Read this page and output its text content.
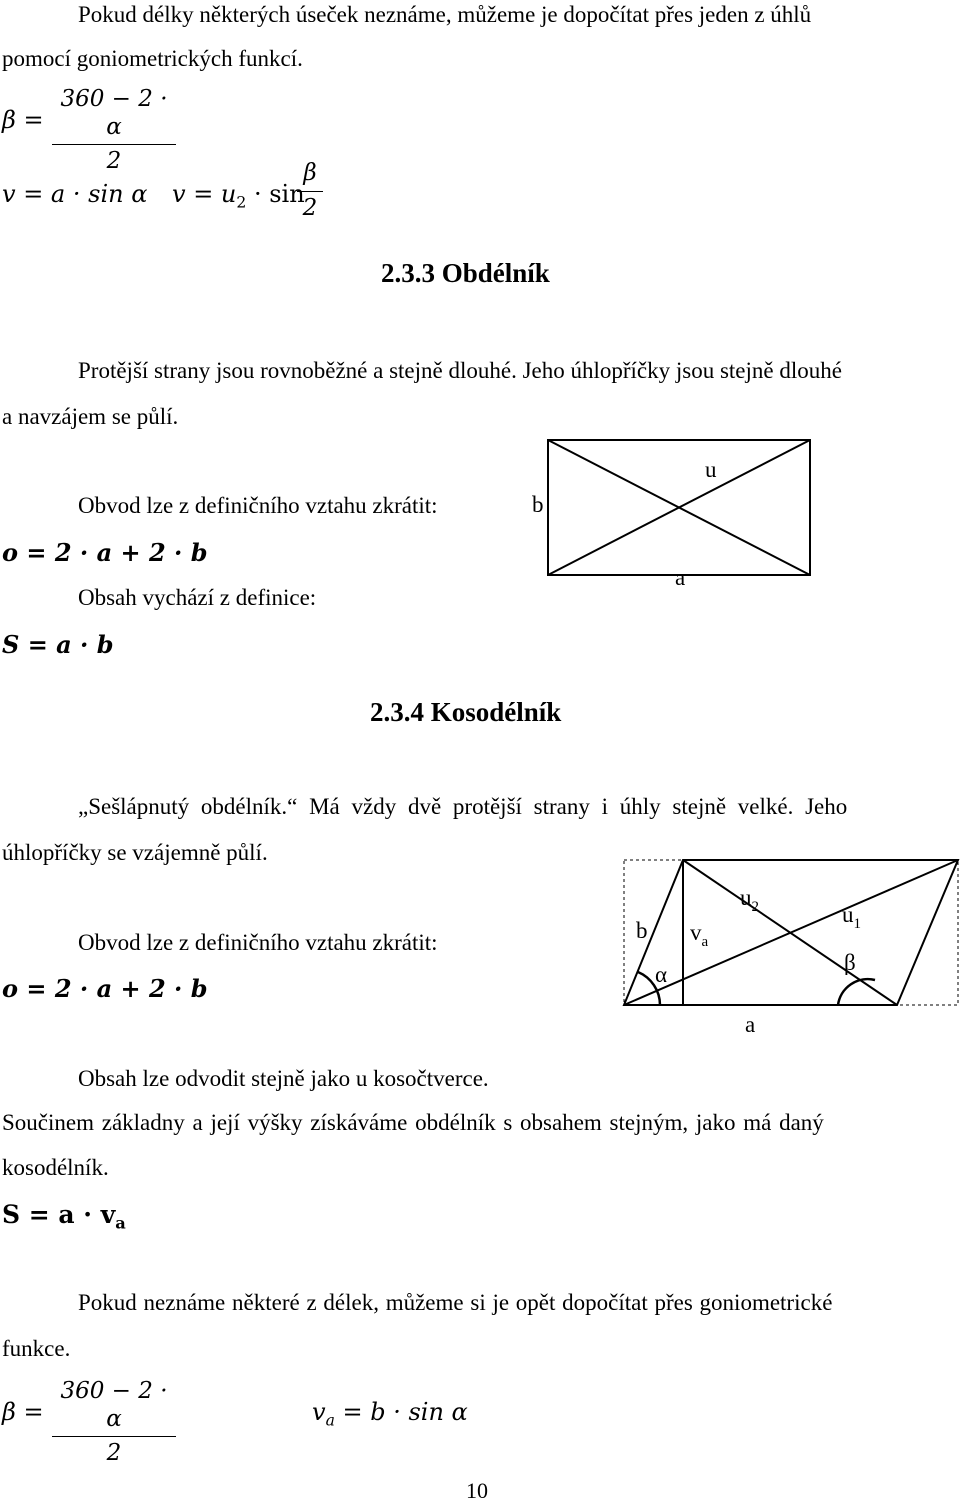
Pokud délky některých úseček neznáme, můžeme je dopočítat přes jeden z úhlů
pomocí goniometrických funkcí.
β =
360 − 2 · α
2
v = a · sin α $v = u_2 \cdot \sin$
β
2
2.3.3 Obdélník
Protější strany jsou rovnoběžné a stejně dlouhé. Jeho úhlopříčky jsou stejně dlouhé
a navzájem se půlí.
Obvod lze z definičního vztahu zkrátit:
o = 2 · a + 2 · b
Obsah vychází z definice:
S = a · b
b
u
a
2.3.4 Kosodélník
„Sešlápnutý obdélník.“ Má vždy dvě protější strany i úhly stejně velké. Jeho
úhlopříčky se vzájemně půlí.
Obvod lze z definičního vztahu zkrátit:
o = 2 · a + 2 · b
b $v_a$
$u_2$	$u_1$
α	β
a
Obsah lze odvodit stejně jako u kosočtverce.
Součinem základny a její výšky získáváme obdélník s obsahem stejným, jako má daný
kosodélník.
$S = a \cdot v_a$
Pokud neznáme některé z délek, můžeme si je opět dopočítat přes goniometrické
funkce.
β =
360 − 2 · α
2
$v_a = b \cdot \sin \alpha$
10
